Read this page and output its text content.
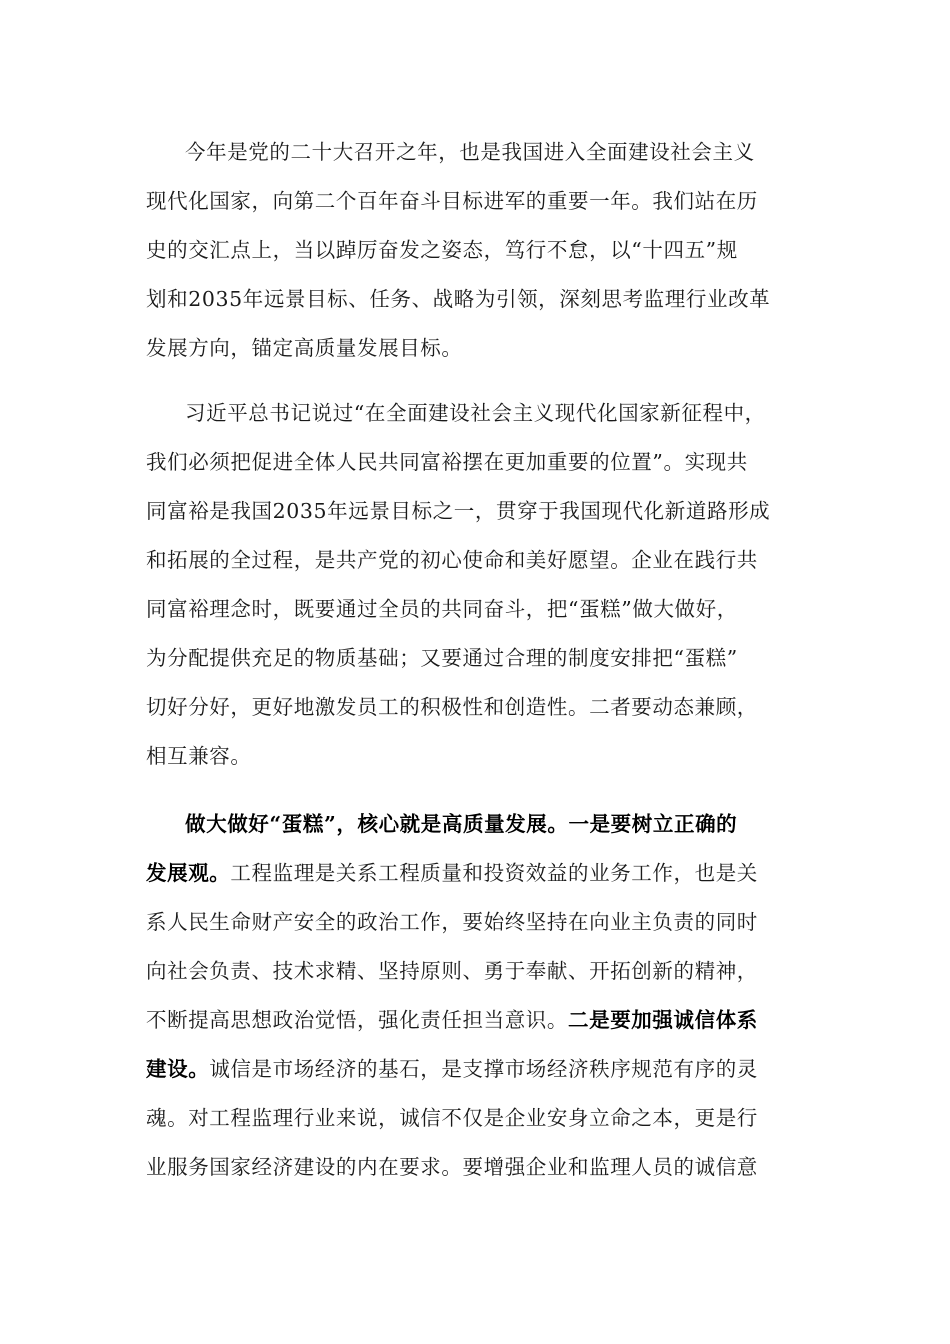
今年是党的二十大召开之年，也是我国进入全面建设社会主义
现代化国家，向第二个百年奋斗目标进军的重要一年。我们站在历
史的交汇点上，当以踔厉奋发之姿态，笃行不怠，以“十四五”规
划和2035年远景目标、任务、战略为引领，深刻思考监理行业改革
发展方向，锚定高质量发展目标。
习近平总书记说过“在全面建设社会主义现代化国家新征程中，
我们必须把促进全体人民共同富裕摆在更加重要的位置”。实现共
同富裕是我国2035年远景目标之一，贯穿于我国现代化新道路形成
和拓展的全过程，是共产党的初心使命和美好愿望。企业在践行共
同富裕理念时，既要通过全员的共同奋斗，把“蛋糕”做大做好，
为分配提供充足的物质基础；又要通过合理的制度安排把“蛋糕”
切好分好，更好地激发员工的积极性和创造性。二者要动态兼顾，
相互兼容。
做大做好“蛋糕”，核心就是高质量发展。一是要树立正确的
发展观。工程监理是关系工程质量和投资效益的业务工作，也是关
系人民生命财产安全的政治工作，要始终坚持在向业主负责的同时
向社会负责、技术求精、坚持原则、勇于奉献、开拓创新的精神，
不断提高思想政治觉悟，强化责任担当意识。二是要加强诚信体系
建设。诚信是市场经济的基石，是支撑市场经济秩序规范有序的灵
魂。对工程监理行业来说，诚信不仅是企业安身立命之本，更是行
业服务国家经济建设的内在要求。要增强企业和监理人员的诚信意
